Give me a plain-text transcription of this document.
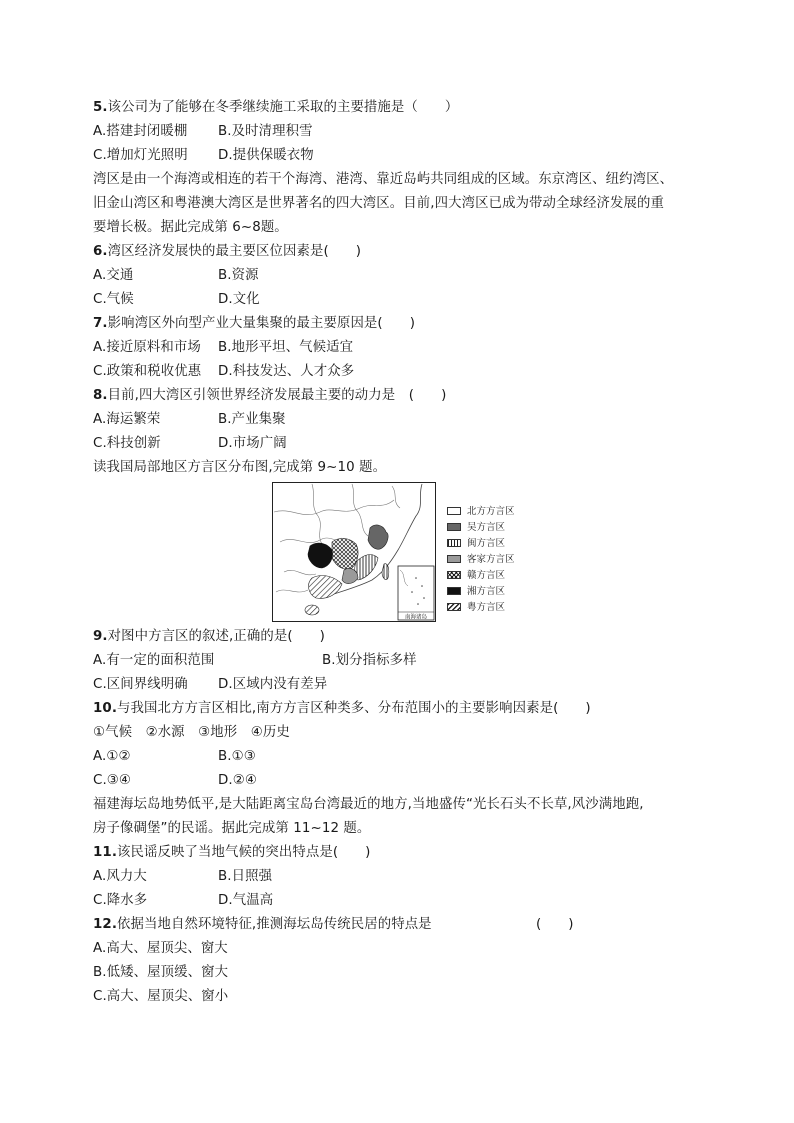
5.该公司为了能够在冬季继续施工采取的主要措施是（　　）
A.搭建封闭暖棚 B.及时清理积雪
C.增加灯光照明 D.提供保暖衣物
湾区是由一个海湾或相连的若干个海湾、港湾、靠近岛屿共同组成的区域。东京湾区、纽约湾区、
旧金山湾区和粤港澳大湾区是世界著名的四大湾区。目前,四大湾区已成为带动全球经济发展的重
要增长极。据此完成第 6~8题。
6.湾区经济发展快的最主要区位因素是(　　)
A.交通	B.资源
C.气候	D.文化
7.影响湾区外向型产业大量集聚的最主要原因是(　　)
A.接近原料和市场 B.地形平坦、气候适宜
C.政策和税收优惠 D.科技发达、人才众多
8.目前,四大湾区引领世界经济发展最主要的动力是　(　　)
A.海运繁荣	B.产业集聚
C.科技创新	D.市场广阔
读我国局部地区方言区分布图,完成第 9~10 题。
南海诸岛
北方方言区
吴方言区
闽方言区
客家方言区
赣方言区
湘方言区
粤方言区
9.对图中方言区的叙述,正确的是(　　)
A.有一定的面积范围	B.划分指标多样
C.区间界线明确 D.区域内没有差异
10.与我国北方方言区相比,南方方言区种类多、分布范围小的主要影响因素是(　　)
①气候　②水源　③地形　④历史
A.①②	B.①③
C.③④	D.②④
福建海坛岛地势低平,是大陆距离宝岛台湾最近的地方,当地盛传“光长石头不长草,风沙满地跑,
房子像碉堡”的民谣。据此完成第 11~12 题。
11.该民谣反映了当地气候的突出特点是(　　)
A.风力大	B.日照强
C.降水多	D.气温高
12.依据当地自然环境特征,推测海坛岛传统民居的特点是	(　　)
A.高大、屋顶尖、窗大
B.低矮、屋顶缓、窗大
C.高大、屋顶尖、窗小
